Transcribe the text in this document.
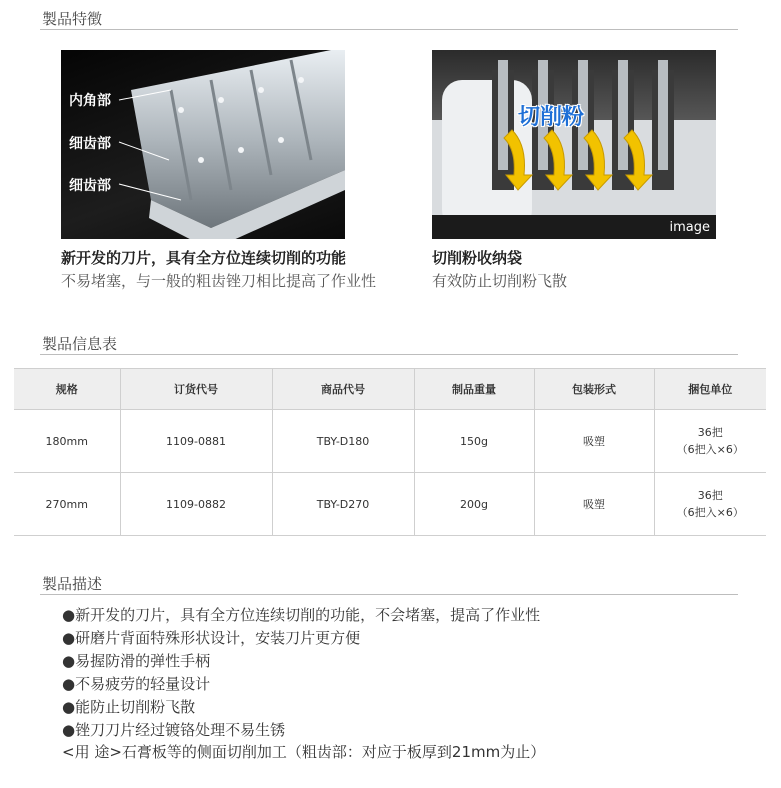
製品特徴
内角部
细齿部
细齿部
切削粉
image
新开发的刀片，具有全方位连续切削的功能
不易堵塞，与一般的粗齿锉刀相比提高了作业性
切削粉收纳袋
有效防止切削粉飞散
製品信息表
规格	订货代号	商品代号	制品重量	包装形式	捆包单位
180mm	1109-0881	TBY-D180	150g	吸塑	36把
（6把入×6）

270mm	1109-0882	TBY-D270	200g	吸塑	36把
（6把入×6）
製品描述
●新开发的刀片，具有全方位连续切削的功能，不会堵塞，提高了作业性
●研磨片背面特殊形状设计，安装刀片更方便
●易握防滑的弹性手柄
●不易疲劳的轻量设计
●能防止切削粉飞散
●锉刀刀片经过镀铬处理不易生锈
<用 途>石膏板等的侧面切削加工（粗齿部：对应于板厚到21mm为止）
